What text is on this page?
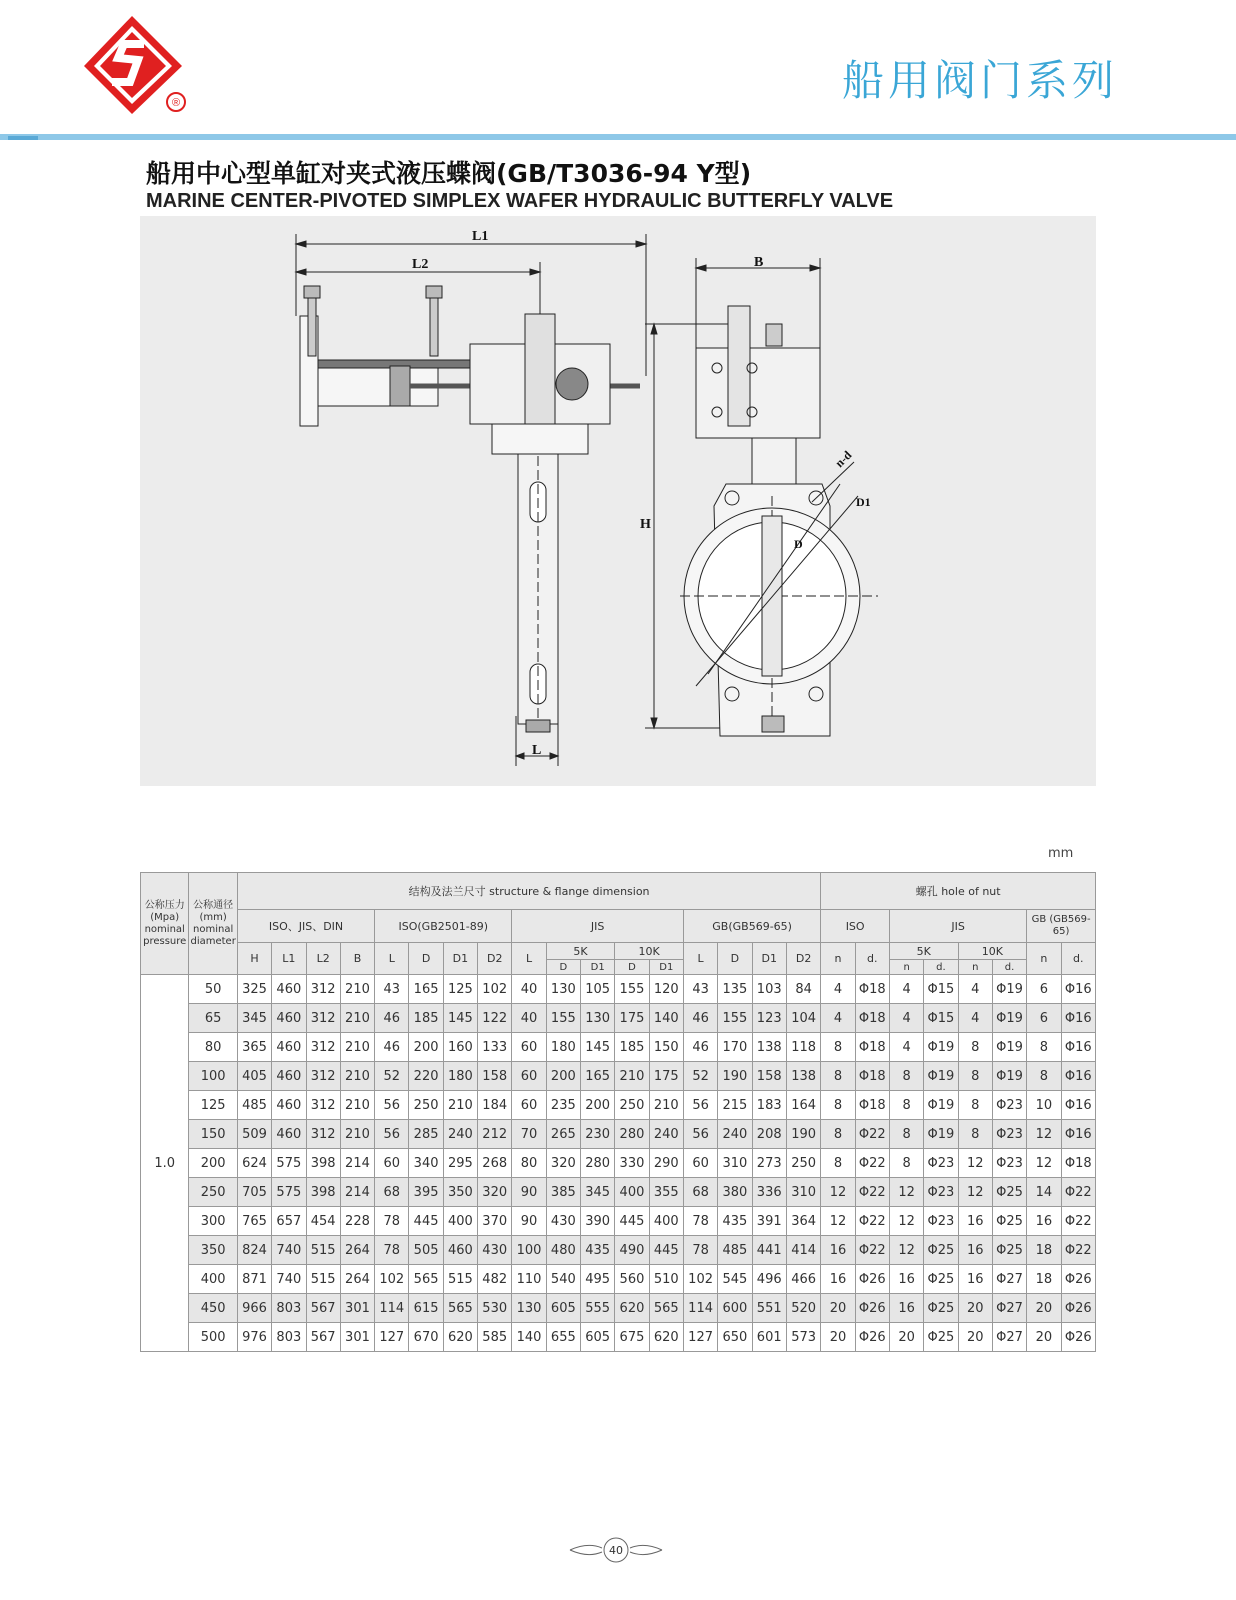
®	船用阀门系列
船用中心型单缸对夹式液压蝶阀(GB/T3036-94 Y型)
MARINE CENTER-PIVOTED SIMPLEX WAFER HYDRAULIC BUTTERFLY VALVE
L1
L2
L
B
H
n-d
D1
D
mm
公称压力 (Mpa) nominal pressure	公称通径 (mm) nominal diameter	结构及法兰尺寸 structure & flange dimension																	螺孔 hole of nut							
		ISO、JIS、DIN				ISO(GB2501-89)				JIS					GB(GB569-65)				ISO		JIS				GB (GB569-65)	
		H	L1	L2	B	L	D	D1	D2	L	5K		10K		L	D	D1	D2	n	d.	5K		10K		n	d.
											D	D1	D	D1							n	d.	n	d.		
1.0	50	325	460	312	210	43	165	125	102	40	130	105	155	120	43	135	103	84	4	Φ18	4	Φ15	4	Φ19	6	Φ16
	65	345	460	312	210	46	185	145	122	40	155	130	175	140	46	155	123	104	4	Φ18	4	Φ15	4	Φ19	6	Φ16
	80	365	460	312	210	46	200	160	133	60	180	145	185	150	46	170	138	118	8	Φ18	4	Φ19	8	Φ19	8	Φ16
	100	405	460	312	210	52	220	180	158	60	200	165	210	175	52	190	158	138	8	Φ18	8	Φ19	8	Φ19	8	Φ16
	125	485	460	312	210	56	250	210	184	60	235	200	250	210	56	215	183	164	8	Φ18	8	Φ19	8	Φ23	10	Φ16
	150	509	460	312	210	56	285	240	212	70	265	230	280	240	56	240	208	190	8	Φ22	8	Φ19	8	Φ23	12	Φ16
	200	624	575	398	214	60	340	295	268	80	320	280	330	290	60	310	273	250	8	Φ22	8	Φ23	12	Φ23	12	Φ18
	250	705	575	398	214	68	395	350	320	90	385	345	400	355	68	380	336	310	12	Φ22	12	Φ23	12	Φ25	14	Φ22
	300	765	657	454	228	78	445	400	370	90	430	390	445	400	78	435	391	364	12	Φ22	12	Φ23	16	Φ25	16	Φ22
	350	824	740	515	264	78	505	460	430	100	480	435	490	445	78	485	441	414	16	Φ22	12	Φ25	16	Φ25	18	Φ22
	400	871	740	515	264	102	565	515	482	110	540	495	560	510	102	545	496	466	16	Φ26	16	Φ25	16	Φ27	18	Φ26
	450	966	803	567	301	114	615	565	530	130	605	555	620	565	114	600	551	520	20	Φ26	16	Φ25	20	Φ27	20	Φ26
	500	976	803	567	301	127	670	620	585	140	655	605	675	620	127	650	601	573	20	Φ26	20	Φ25	20	Φ27	20	Φ26
40
